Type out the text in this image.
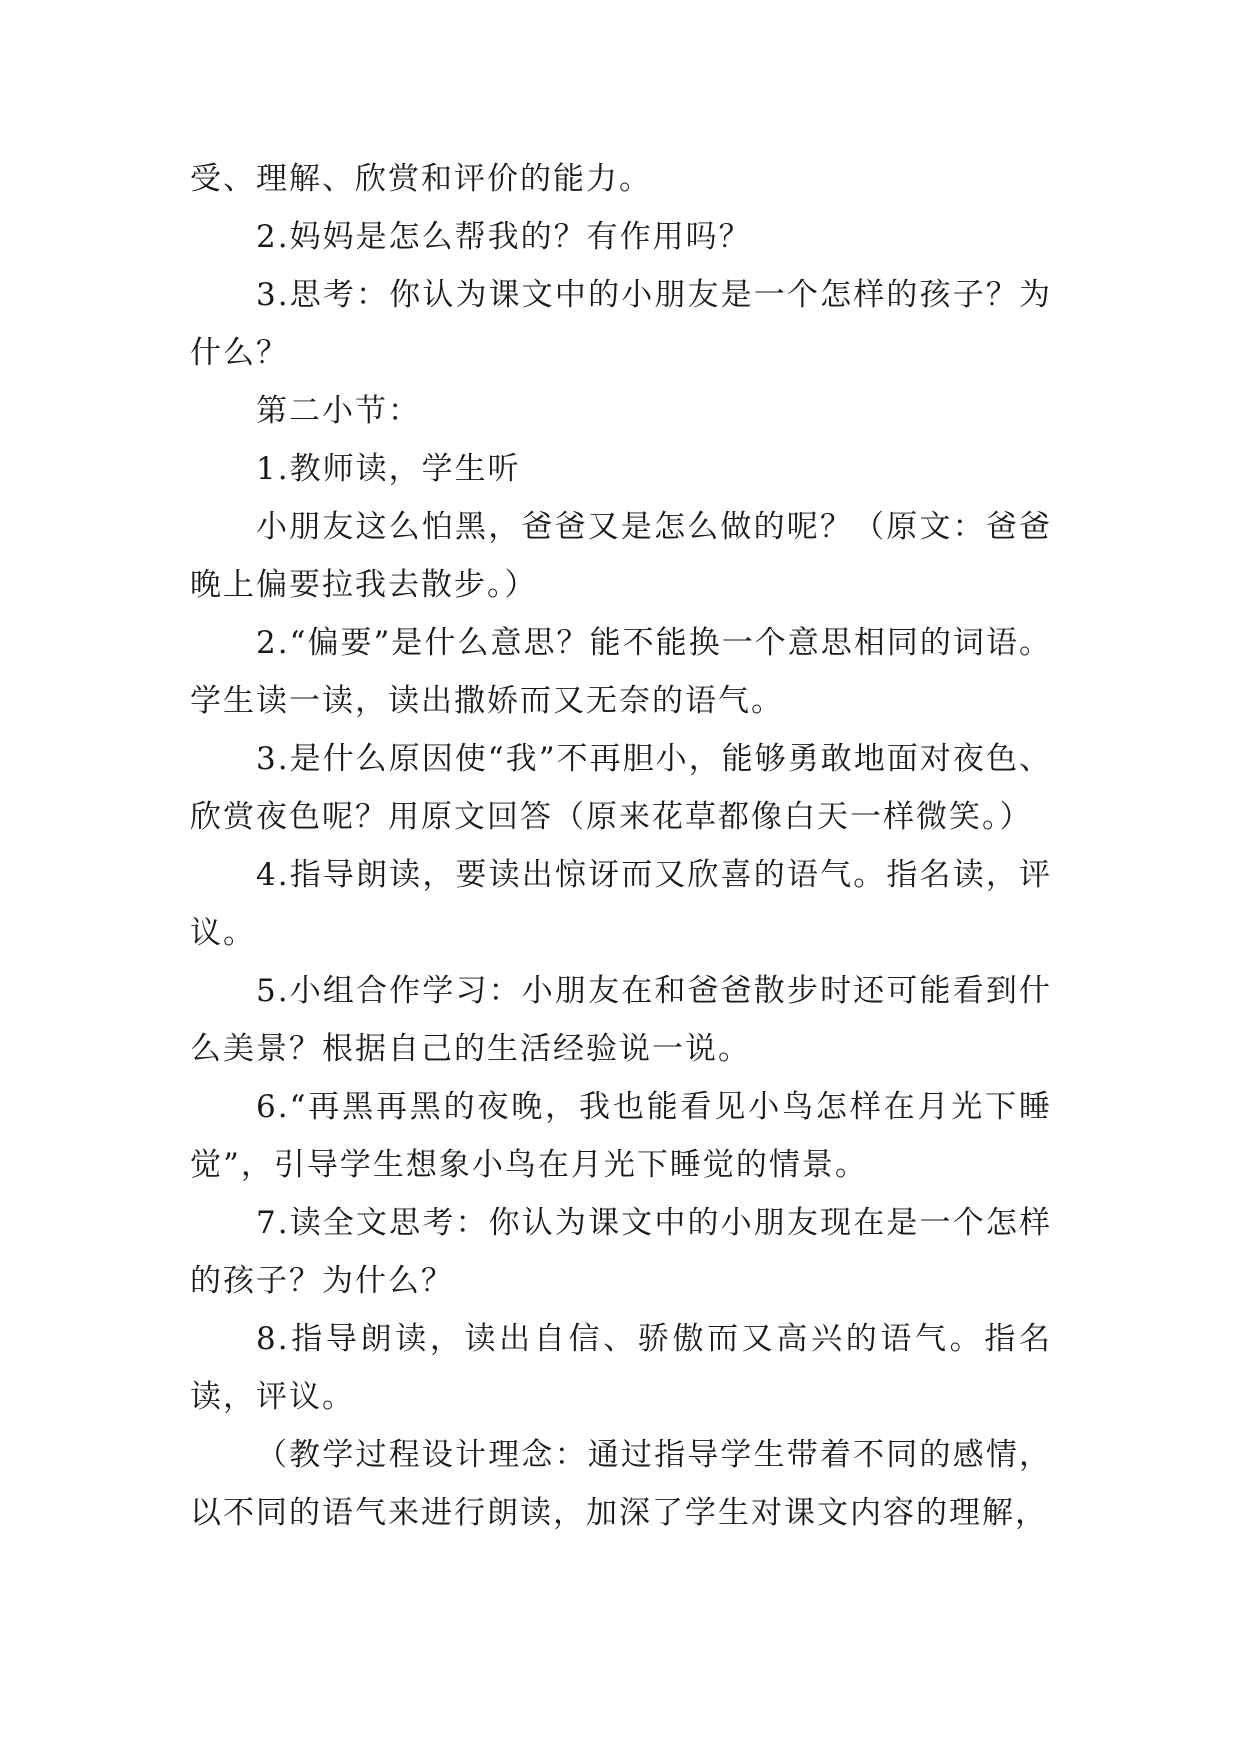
受、理解、欣赏和评价的能力。

2.妈妈是怎么帮我的？有作用吗？

3.思考：你认为课文中的小朋友是一个怎样的孩子？为什么？

第二小节：

1.教师读，学生听

小朋友这么怕黑，爸爸又是怎么做的呢？（原文：爸爸晚上偏要拉我去散步。）

2.“偏要”是什么意思？能不能换一个意思相同的词语。学生读一读，读出撒娇而又无奈的语气。

3.是什么原因使“我”不再胆小，能够勇敢地面对夜色、欣赏夜色呢？用原文回答（原来花草都像白天一样微笑。）

4.指导朗读，要读出惊讶而又欣喜的语气。指名读，评议。

5.小组合作学习：小朋友在和爸爸散步时还可能看到什么美景？根据自己的生活经验说一说。

6.“再黑再黑的夜晚，我也能看见小鸟怎样在月光下睡觉”，引导学生想象小鸟在月光下睡觉的情景。

7.读全文思考：你认为课文中的小朋友现在是一个怎样的孩子？为什么？

8.指导朗读，读出自信、骄傲而又高兴的语气。指名读，评议。

（教学过程设计理念：通过指导学生带着不同的感情，以不同的语气来进行朗读，加深了学生对课文内容的理解，
